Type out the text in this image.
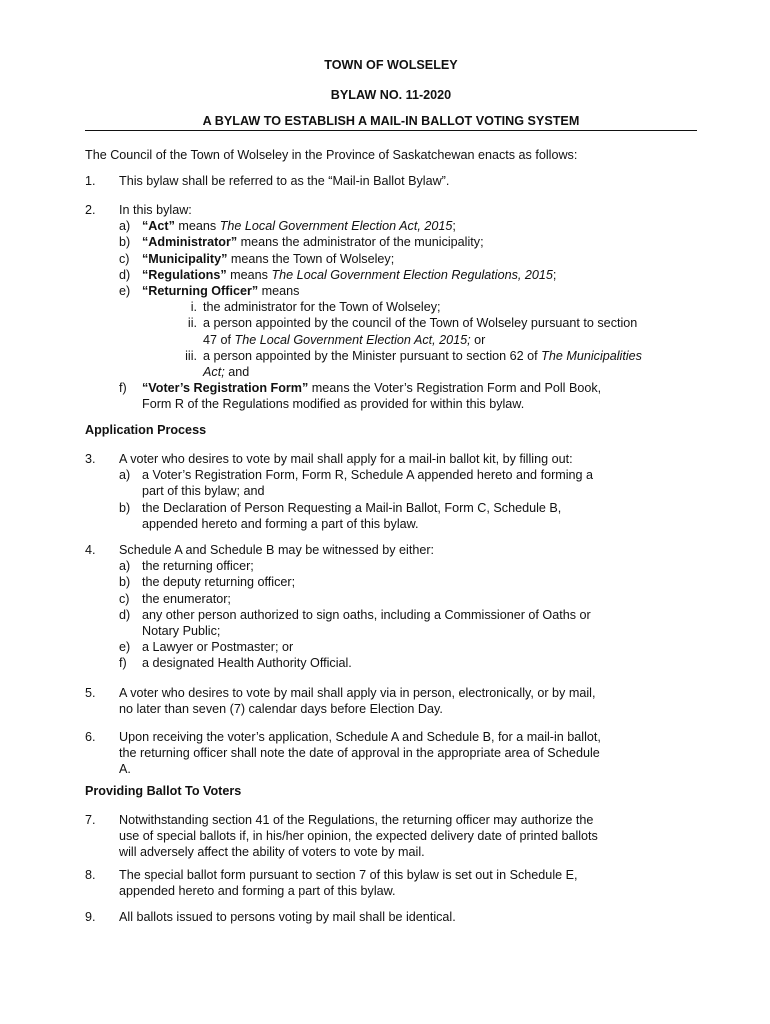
TOWN OF WOLSELEY
BYLAW NO. 11-2020
A BYLAW TO ESTABLISH A MAIL-IN BALLOT VOTING SYSTEM
The Council of the Town of Wolseley in the Province of Saskatchewan enacts as follows:
1. This bylaw shall be referred to as the “Mail-in Ballot Bylaw”.
2. In this bylaw:
a) “Act” means The Local Government Election Act, 2015;
b) “Administrator” means the administrator of the municipality;
c) “Municipality” means the Town of Wolseley;
d) “Regulations” means The Local Government Election Regulations, 2015;
e) “Returning Officer” means
i. the administrator for the Town of Wolseley;
ii. a person appointed by the council of the Town of Wolseley pursuant to section
47 of The Local Government Election Act, 2015; or
iii. a person appointed by the Minister pursuant to section 62 of The Municipalities
Act; and
f)	“Voter’s Registration Form” means the Voter’s Registration Form and Poll Book,
Form R of the Regulations modified as provided for within this bylaw.
Application Process
3. A voter who desires to vote by mail shall apply for a mail-in ballot kit, by filling out:
a) a Voter’s Registration Form, Form R, Schedule A appended hereto and forming a
part of this bylaw; and
b) the Declaration of Person Requesting a Mail-in Ballot, Form C, Schedule B,
appended hereto and forming a part of this bylaw.
4. Schedule A and Schedule B may be witnessed by either:
a) the returning officer;
b) the deputy returning officer;
c) the enumerator;
d) any other person authorized to sign oaths, including a Commissioner of Oaths or
Notary Public;
e) a Lawyer or Postmaster; or
f)	a designated Health Authority Official.
5. A voter who desires to vote by mail shall apply via in person, electronically, or by mail,
no later than seven (7) calendar days before Election Day.
6. Upon receiving the voter’s application, Schedule A and Schedule B, for a mail-in ballot,
the returning officer shall note the date of approval in the appropriate area of Schedule
A.
Providing Ballot To Voters
7. Notwithstanding section 41 of the Regulations, the returning officer may authorize the
use of special ballots if, in his/her opinion, the expected delivery date of printed ballots
will adversely affect the ability of voters to vote by mail.
8. The special ballot form pursuant to section 7 of this bylaw is set out in Schedule E,
appended hereto and forming a part of this bylaw.
9. All ballots issued to persons voting by mail shall be identical.
